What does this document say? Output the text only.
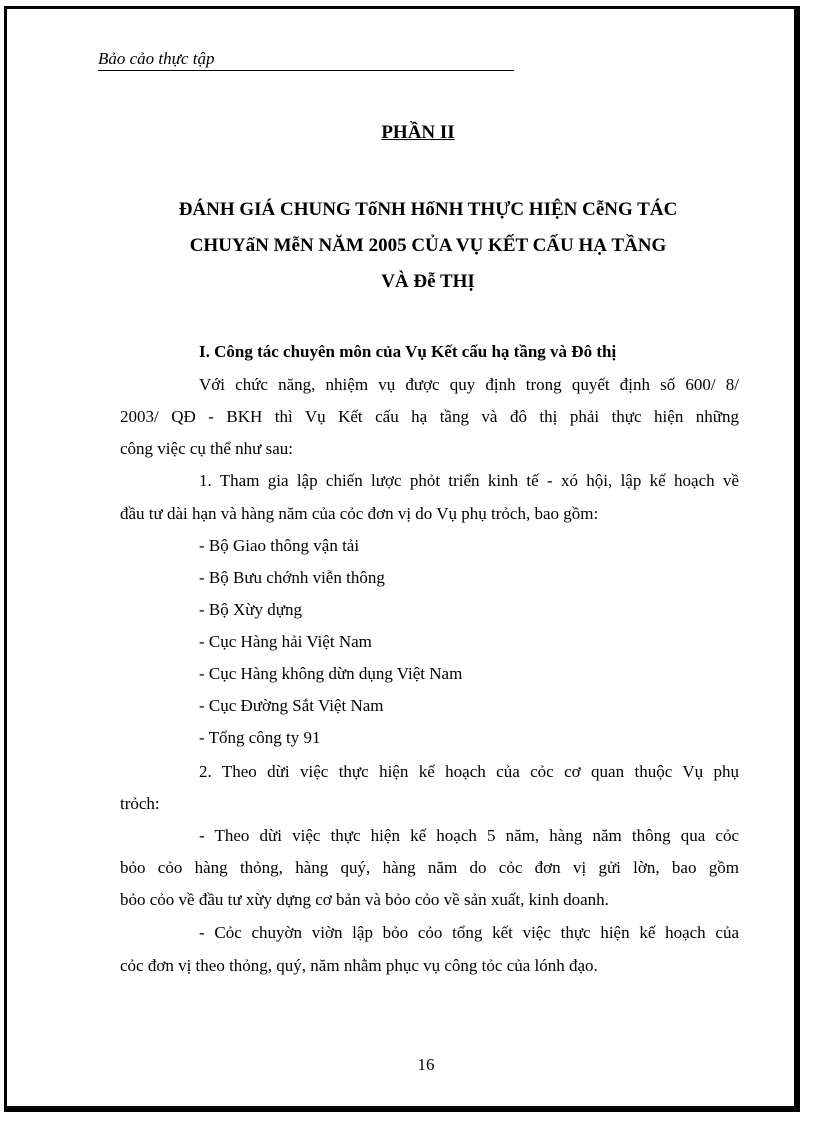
Bảo cảo thực tập
PHẦN II
ĐÁNH GIÁ CHUNG TốNH HốNH THỰC HIỆN CễNG TÁC
CHUYấN MễN NĂM 2005 CỦA VỤ KẾT CẤU HẠ TẦNG
VÀ Đễ THỊ
I. Công tác chuyên môn của Vụ Kết cấu hạ tầng và Đô thị
Với chức năng, nhiệm vụ được quy định trong quyết định số 600/ 8/
2003/ QĐ - BKH thì Vụ Kết cấu hạ tầng và đô thị phải thực hiện những
công việc cụ thể như sau:
1. Tham gia lập chiến lược phỏt triển kinh tế - xó hội, lập kế hoạch về
đầu tư dài hạn và hàng năm của cỏc đơn vị do Vụ phụ trỏch, bao gồm:
- Bộ Giao thông vận tải
- Bộ Bưu chớnh viễn thông
- Bộ Xừy dựng
- Cục Hàng hải Việt Nam
- Cục Hàng không dừn dụng Việt Nam
- Cục Đường Sắt Việt Nam
- Tổng công ty 91
2. Theo dừi việc thực hiện kế hoạch của cỏc cơ quan thuộc Vụ phụ
trỏch:
- Theo dừi việc thực hiện kế hoạch 5 năm, hàng năm thông qua cỏc
bỏo cỏo hàng thỏng, hàng quý, hàng năm do cỏc đơn vị gửi lờn, bao gồm
bỏo cỏo về đầu tư xừy dựng cơ bản và bỏo cỏo về sản xuất, kinh doanh.
- Cỏc chuyờn viờn lập bỏo cỏo tổng kết việc thực hiện kế hoạch của
cỏc đơn vị theo thỏng, quý, năm nhằm phục vụ công tỏc của lónh đạo.
16
